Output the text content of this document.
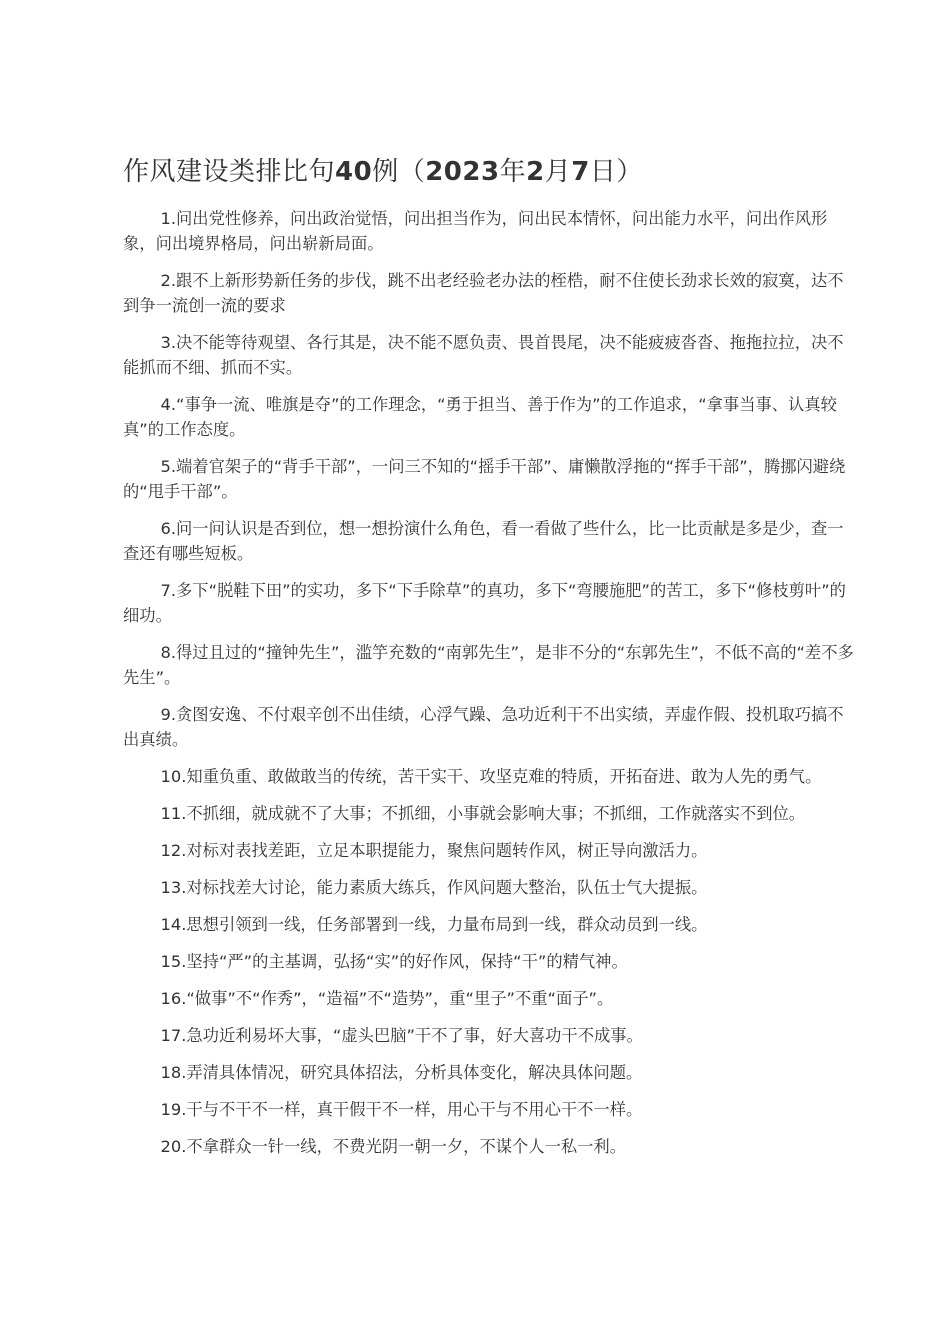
作风建设类排比句40例（2023年2月7日）

1.问出党性修养，问出政治觉悟，问出担当作为，问出民本情怀，问出能力水平，问出作风形象，问出境界格局，问出崭新局面。

2.跟不上新形势新任务的步伐，跳不出老经验老办法的桎梏，耐不住使长劲求长效的寂寞，达不到争一流创一流的要求

3.决不能等待观望、各行其是，决不能不愿负责、畏首畏尾，决不能疲疲沓沓、拖拖拉拉，决不能抓而不细、抓而不实。

4.“事争一流、唯旗是夺”的工作理念，“勇于担当、善于作为”的工作追求，“拿事当事、认真较真”的工作态度。

5.端着官架子的“背手干部”，一问三不知的“摇手干部”、庸懒散浮拖的“挥手干部”，腾挪闪避绕的“甩手干部”。

6.问一问认识是否到位，想一想扮演什么角色，看一看做了些什么，比一比贡献是多是少，查一查还有哪些短板。

7.多下“脱鞋下田”的实功，多下“下手除草”的真功，多下“弯腰施肥”的苦工，多下“修枝剪叶”的细功。

8.得过且过的“撞钟先生”，滥竽充数的“南郭先生”，是非不分的“东郭先生”，不低不高的“差不多先生”。

9.贪图安逸、不付艰辛创不出佳绩，心浮气躁、急功近利干不出实绩，弄虚作假、投机取巧搞不出真绩。

10.知重负重、敢做敢当的传统，苦干实干、攻坚克难的特质，开拓奋进、敢为人先的勇气。

11.不抓细，就成就不了大事；不抓细，小事就会影响大事；不抓细，工作就落实不到位。

12.对标对表找差距，立足本职提能力，聚焦问题转作风，树正导向激活力。

13.对标找差大讨论，能力素质大练兵，作风问题大整治，队伍士气大提振。

14.思想引领到一线，任务部署到一线，力量布局到一线，群众动员到一线。

15.坚持“严”的主基调，弘扬“实”的好作风，保持“干”的精气神。

16.“做事”不“作秀”，“造福”不“造势”，重“里子”不重“面子”。

17.急功近利易坏大事，“虚头巴脑”干不了事，好大喜功干不成事。

18.弄清具体情况，研究具体招法，分析具体变化，解决具体问题。

19.干与不干不一样，真干假干不一样，用心干与不用心干不一样。

20.不拿群众一针一线，不费光阴一朝一夕，不谋个人一私一利。
